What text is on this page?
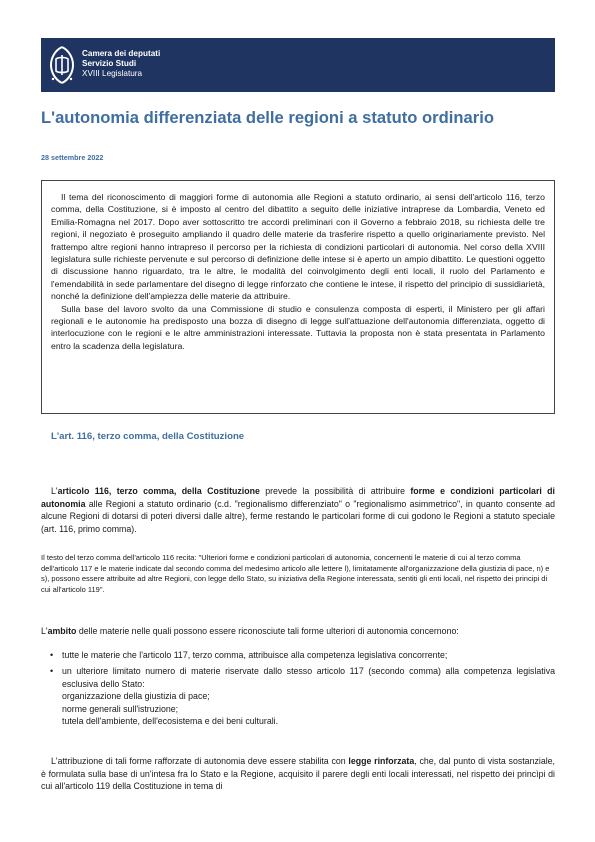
Camera dei deputati
Servizio Studi
XVIII Legislatura
L'autonomia differenziata delle regioni a statuto ordinario
28 settembre 2022

Il tema del riconoscimento di maggiori forme di autonomia alle Regioni a statuto ordinario, ai sensi dell'articolo 116, terzo comma, della Costituzione, si è imposto al centro del dibattito a seguito delle iniziative intraprese da Lombardia, Veneto ed Emilia-Romagna nel 2017. Dopo aver sottoscritto tre accordi preliminari con il Governo a febbraio 2018, su richiesta delle tre regioni, il negoziato è proseguito ampliando il quadro delle materie da trasferire rispetto a quello originariamente previsto. Nel frattempo altre regioni hanno intrapreso il percorso per la richiesta di condizioni particolari di autonomia. Nel corso della XVIII legislatura sulle richieste pervenute e sul percorso di definizione delle intese si è aperto un ampio dibattito. Le questioni oggetto di discussione hanno riguardato, tra le altre, le modalità del coinvolgimento degli enti locali, il ruolo del Parlamento e l'emendabilità in sede parlamentare del disegno di legge rinforzato che contiene le intese, il rispetto del principio di sussidiarietà, nonché la definizione dell'ampiezza delle materie da attribuire.

Sulla base del lavoro svolto da una Commissione di studio e consulenza composta di esperti, il Ministero per gli affari regionali e le autonomie ha predisposto una bozza di disegno di legge sull'attuazione dell'autonomia differenziata, oggetto di interlocuzione con le regioni e le altre amministrazioni interessate. Tuttavia la proposta non è stata presentata in Parlamento entro la scadenza della legislatura.

L'art. 116, terzo comma, della Costituzione

L'articolo 116, terzo comma, della Costituzione prevede la possibilità di attribuire forme e condizioni particolari di autonomia alle Regioni a statuto ordinario (c.d. "regionalismo differenziato" o "regionalismo asimmetrico", in quanto consente ad alcune Regioni di dotarsi di poteri diversi dalle altre), ferme restando le particolari forme di cui godono le Regioni a statuto speciale (art. 116, primo comma).

Il testo del terzo comma dell'articolo 116 recita: "Ulteriori forme e condizioni particolari di autonomia, concernenti le materie di cui al terzo comma dell'articolo 117 e le materie indicate dal secondo comma del medesimo articolo alle lettere l), limitatamente all'organizzazione della giustizia di pace, n) e s), possono essere attribuite ad altre Regioni, con legge dello Stato, su iniziativa della Regione interessata, sentiti gli enti locali, nel rispetto dei principi di cui all'articolo 119".

L'ambito delle materie nelle quali possono essere riconosciute tali forme ulteriori di autonomia concernono:

• tutte le materie che l'articolo 117, terzo comma, attribuisce alla competenza legislativa concorrente;
• un ulteriore limitato numero di materie riservate dallo stesso articolo 117 (secondo comma) alla competenza legislativa esclusiva dello Stato:
organizzazione della giustizia di pace;
norme generali sull'istruzione;
tutela dell'ambiente, dell'ecosistema e dei beni culturali.

L'attribuzione di tali forme rafforzate di autonomia deve essere stabilita con legge rinforzata, che, dal punto di vista sostanziale, è formulata sulla base di un'intesa fra lo Stato e la Regione, acquisito il parere degli enti locali interessati, nel rispetto dei princìpi di cui all'articolo 119 della Costituzione in tema di
